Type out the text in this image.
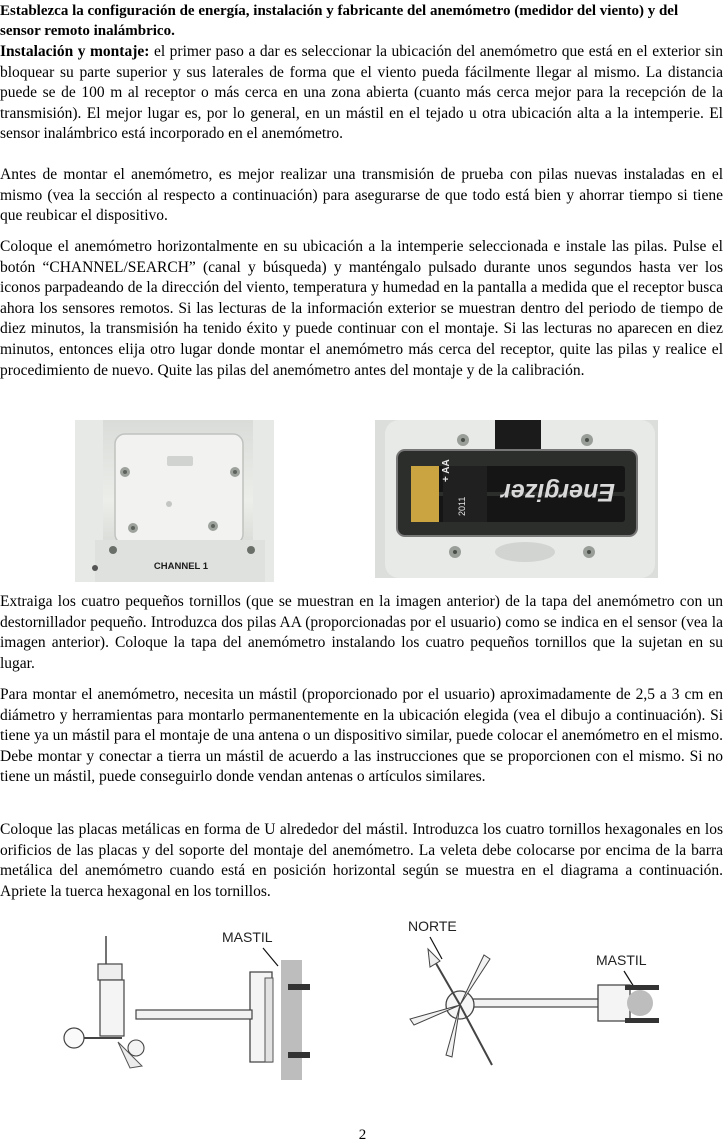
Establezca la configuración de energía, instalación y fabricante del anemómetro (medidor del viento) y del sensor remoto inalámbrico.

Instalación y montaje: el primer paso a dar es seleccionar la ubicación del anemómetro que está en el exterior sin bloquear su parte superior y sus laterales de forma que el viento pueda fácilmente llegar al mismo. La distancia puede se de 100 m al receptor o más cerca en una zona abierta (cuanto más cerca mejor para la recepción de la transmisión). El mejor lugar es, por lo general, en un mástil en el tejado u otra ubicación alta a la intemperie. El sensor inalámbrico está incorporado en el anemómetro.

Antes de montar el anemómetro, es mejor realizar una transmisión de prueba con pilas nuevas instaladas en el mismo (vea la sección al respecto a continuación) para asegurarse de que todo está bien y ahorrar tiempo si tiene que reubicar el dispositivo.

Coloque el anemómetro horizontalmente en su ubicación a la intemperie seleccionada e instale las pilas. Pulse el botón “CHANNEL/SEARCH” (canal y búsqueda) y manténgalo pulsado durante unos segundos hasta ver los iconos parpadeando de la dirección del viento, temperatura y humedad en la pantalla a medida que el receptor busca ahora los sensores remotos. Si las lecturas de la información exterior se muestran dentro del periodo de tiempo de diez minutos, la transmisión ha tenido éxito y puede continuar con el montaje. Si las lecturas no aparecen en diez minutos, entonces elija otro lugar donde montar el anemómetro más cerca del receptor, quite las pilas y realice el procedimiento de nuevo. Quite las pilas del anemómetro antes del montaje y de la calibración.

CHANNEL 1
Energizer
+ AA
2011

Extraiga los cuatro pequeños tornillos (que se muestran en la imagen anterior) de la tapa del anemómetro con un destornillador pequeño. Introduzca dos pilas AA (proporcionadas por el usuario) como se indica en el sensor (vea la imagen anterior). Coloque la tapa del anemómetro instalando los cuatro pequeños tornillos que la sujetan en su lugar.

Para montar el anemómetro, necesita un mástil (proporcionado por el usuario) aproximadamente de 2,5 a 3 cm en diámetro y herramientas para montarlo permanentemente en la ubicación elegida (vea el dibujo a continuación). Si tiene ya un mástil para el montaje de una antena o un dispositivo similar, puede colocar el anemómetro en el mismo. Debe montar y conectar a tierra un mástil de acuerdo a las instrucciones que se proporcionen con el mismo. Si no tiene un mástil, puede conseguirlo donde vendan antenas o artículos similares.

Coloque las placas metálicas en forma de U alrededor del mástil. Introduzca los cuatro tornillos hexagonales en los orificios de las placas y del soporte del montaje del anemómetro. La veleta debe colocarse por encima de la barra metálica del anemómetro cuando está en posición horizontal según se muestra en el diagrama a continuación. Apriete la tuerca hexagonal en los tornillos.

MASTIL
NORTE
MASTIL
2
